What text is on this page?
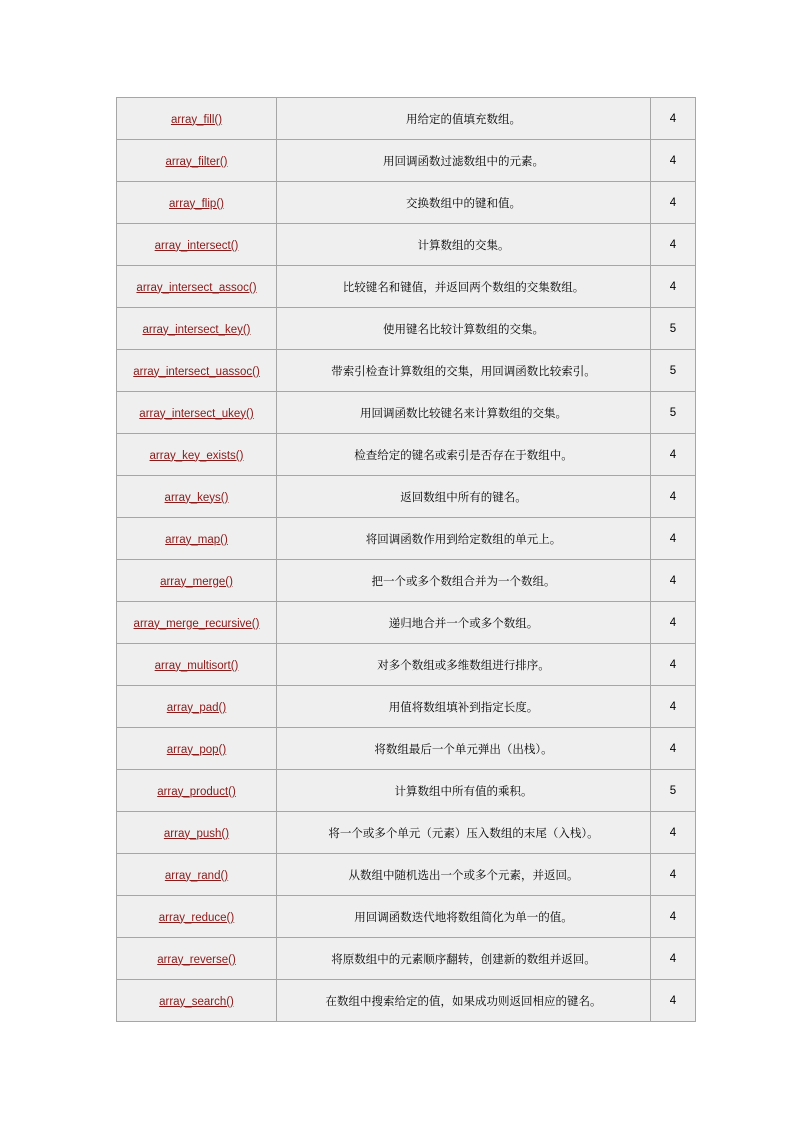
array_fill()	用给定的值填充数组。	4
array_filter()	用回调函数过滤数组中的元素。	4
array_flip()	交换数组中的键和值。	4
array_intersect()	计算数组的交集。	4
array_intersect_assoc()	比较键名和键值，并返回两个数组的交集数组。	4
array_intersect_key()	使用键名比较计算数组的交集。	5
array_intersect_uassoc()	带索引检查计算数组的交集，用回调函数比较索引。	5
array_intersect_ukey()	用回调函数比较键名来计算数组的交集。	5
array_key_exists()	检查给定的键名或索引是否存在于数组中。	4
array_keys()	返回数组中所有的键名。	4
array_map()	将回调函数作用到给定数组的单元上。	4
array_merge()	把一个或多个数组合并为一个数组。	4
array_merge_recursive()	递归地合并一个或多个数组。	4
array_multisort()	对多个数组或多维数组进行排序。	4
array_pad()	用值将数组填补到指定长度。	4
array_pop()	将数组最后一个单元弹出（出栈）。	4
array_product()	计算数组中所有值的乘积。	5
array_push()	将一个或多个单元（元素）压入数组的末尾（入栈）。	4
array_rand()	从数组中随机选出一个或多个元素，并返回。	4
array_reduce()	用回调函数迭代地将数组简化为单一的值。	4
array_reverse()	将原数组中的元素顺序翻转，创建新的数组并返回。	4
array_search()	在数组中搜索给定的值，如果成功则返回相应的键名。	4
